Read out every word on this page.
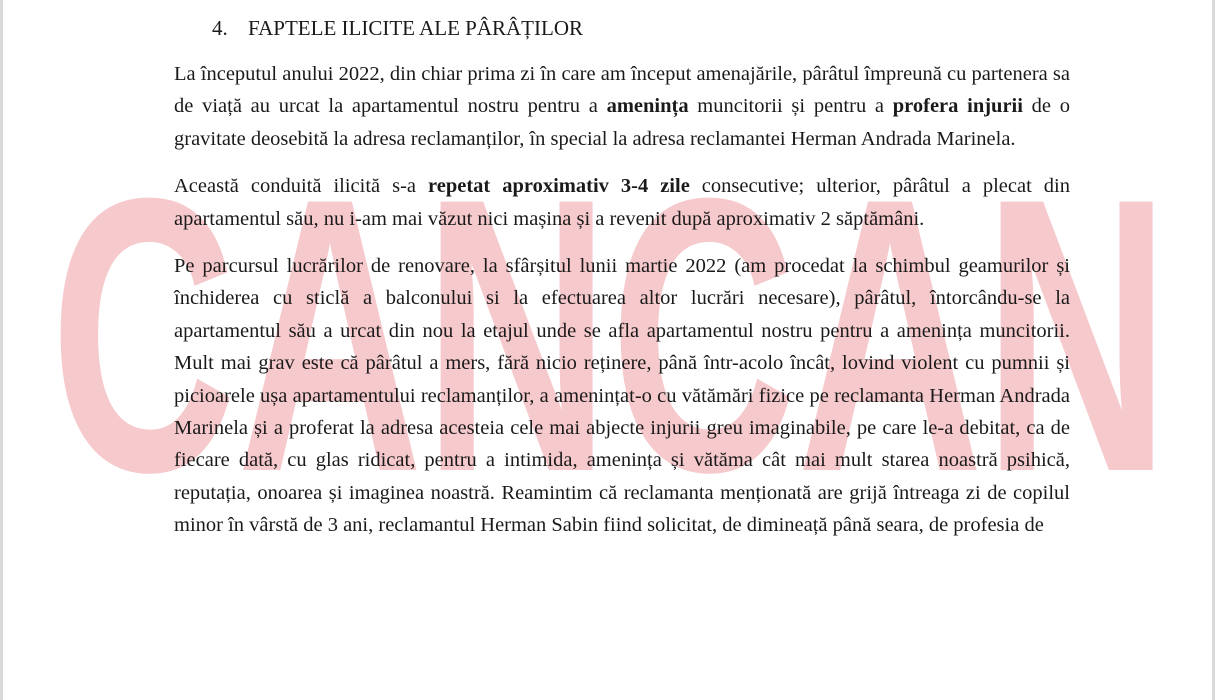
CANCAN
4. FAPTELE ILICITE ALE PÂRÂȚILOR

La începutul anului 2022, din chiar prima zi în care am început amenajările, pârâtul împreună cu partenera sa de viață au urcat la apartamentul nostru pentru a amenința muncitorii și pentru a profera injurii de o gravitate deosebită la adresa reclamanților, în special la adresa reclamantei Herman Andrada Marinela.

Această conduită ilicită s-a repetat aproximativ 3-4 zile consecutive; ulterior, pârâtul a plecat din apartamentul său, nu i-am mai văzut nici mașina și a revenit după aproximativ 2 săptămâni.

Pe parcursul lucrărilor de renovare, la sfârșitul lunii martie 2022 (am procedat la schimbul geamurilor și închiderea cu sticlă a balconului si la efectuarea altor lucrări necesare), pârâtul, întorcându-se la apartamentul său a urcat din nou la etajul unde se afla apartamentul nostru pentru a amenința muncitorii. Mult mai grav este că pârâtul a mers, fără nicio reținere, până într-acolo încât, lovind violent cu pumnii și picioarele ușa apartamentului reclamanților, a amenințat-o cu vătămări fizice pe reclamanta Herman Andrada Marinela și a proferat la adresa acesteia cele mai abjecte injurii greu imaginabile, pe care le-a debitat, ca de fiecare dată, cu glas ridicat, pentru a intimida, amenința și vătăma cât mai mult starea noastră psihică, reputația, onoarea și imaginea noastră. Reamintim că reclamanta menționată are grijă întreaga zi de copilul minor în vârstă de 3 ani, reclamantul Herman Sabin fiind solicitat, de dimineață până seara, de profesia de
